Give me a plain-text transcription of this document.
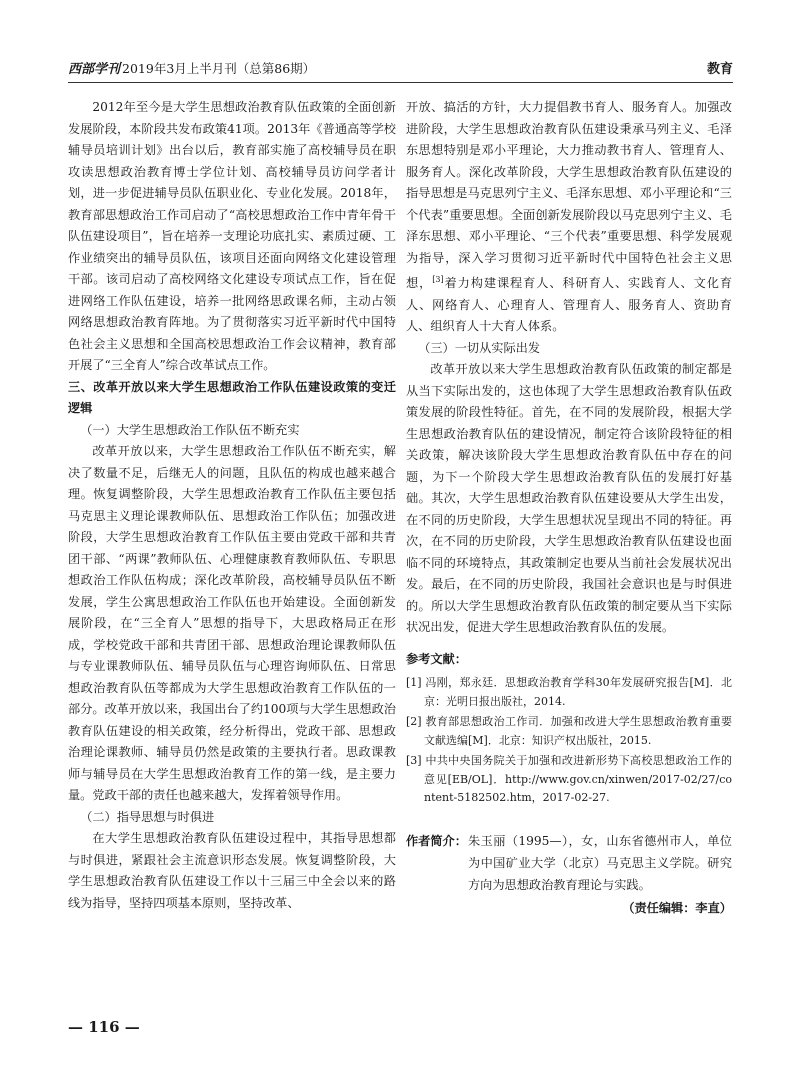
西部学刊 2019年3月上半月刊（总第86期）	教育

2012年至今是大学生思想政治教育队伍政策的全面创新发展阶段，本阶段共发布政策41项。2013年《普通高等学校辅导员培训计划》出台以后，教育部实施了高校辅导员在职攻读思想政治教育博士学位计划、高校辅导员访问学者计划，进一步促进辅导员队伍职业化、专业化发展。2018年，教育部思想政治工作司启动了“高校思想政治工作中青年骨干队伍建设项目”，旨在培养一支理论功底扎实、素质过硬、工作业绩突出的辅导员队伍，该项目还面向网络文化建设管理干部。该司启动了高校网络文化建设专项试点工作，旨在促进网络工作队伍建设，培养一批网络思政课名师，主动占领网络思想政治教育阵地。为了贯彻落实习近平新时代中国特色社会主义思想和全国高校思想政治工作会议精神，教育部开展了“三全育人”综合改革试点工作。

三、改革开放以来大学生思想政治工作队伍建设政策的变迁逻辑
（一）大学生思想政治工作队伍不断充实

改革开放以来，大学生思想政治工作队伍不断充实，解决了数量不足，后继无人的问题，且队伍的构成也越来越合理。恢复调整阶段，大学生思想政治教育工作队伍主要包括马克思主义理论课教师队伍、思想政治工作队伍；加强改进阶段，大学生思想政治教育工作队伍主要由党政干部和共青团干部、“两课”教师队伍、心理健康教育教师队伍、专职思想政治工作队伍构成；深化改革阶段，高校辅导员队伍不断发展，学生公寓思想政治工作队伍也开始建设。全面创新发展阶段，在“三全育人”思想的指导下，大思政格局正在形成，学校党政干部和共青团干部、思想政治理论课教师队伍与专业课教师队伍、辅导员队伍与心理咨询师队伍、日常思想政治教育队伍等都成为大学生思想政治教育工作队伍的一部分。改革开放以来，我国出台了约100项与大学生思想政治教育队伍建设的相关政策，经分析得出，党政干部、思想政治理论课教师、辅导员仍然是政策的主要执行者。思政课教师与辅导员在大学生思想政治教育工作的第一线，是主要力量。党政干部的责任也越来越大，发挥着领导作用。

（二）指导思想与时俱进

在大学生思想政治教育队伍建设过程中，其指导思想都与时俱进，紧跟社会主流意识形态发展。恢复调整阶段，大学生思想政治教育队伍建设工作以十三届三中全会以来的路线为指导，坚持四项基本原则，坚持改革、

开放、搞活的方针，大力提倡教书育人、服务育人。加强改进阶段，大学生思想政治教育队伍建设秉承马列主义、毛泽东思想特别是邓小平理论，大力推动教书育人、管理育人、服务育人。深化改革阶段，大学生思想政治教育队伍建设的指导思想是马克思列宁主义、毛泽东思想、邓小平理论和“三个代表”重要思想。全面创新发展阶段以马克思列宁主义、毛泽东思想、邓小平理论、“三个代表”重要思想、科学发展观为指导，深入学习贯彻习近平新时代中国特色社会主义思想，[3]着力构建课程育人、科研育人、实践育人、文化育人、网络育人、心理育人、管理育人、服务育人、资助育人、组织育人十大育人体系。

（三）一切从实际出发

改革开放以来大学生思想政治教育队伍政策的制定都是从当下实际出发的，这也体现了大学生思想政治教育队伍政策发展的阶段性特征。首先，在不同的发展阶段，根据大学生思想政治教育队伍的建设情况，制定符合该阶段特征的相关政策，解决该阶段大学生思想政治教育队伍中存在的问题，为下一个阶段大学生思想政治教育队伍的发展打好基础。其次，大学生思想政治教育队伍建设要从大学生出发，在不同的历史阶段，大学生思想状况呈现出不同的特征。再次，在不同的历史阶段，大学生思想政治教育队伍建设也面临不同的环境特点，其政策制定也要从当前社会发展状况出发。最后，在不同的历史阶段，我国社会意识也是与时俱进的。所以大学生思想政治教育队伍政策的制定要从当下实际状况出发，促进大学生思想政治教育队伍的发展。

参考文献：
[1] 冯刚，郑永廷．思想政治教育学科30年发展研究报告[M]．北京：光明日报出版社，2014.
[2] 教育部思想政治工作司．加强和改进大学生思想政治教育重要文献选编[M]．北京：知识产权出版社，2015.
[3] 中共中央国务院关于加强和改进新形势下高校思想政治工作的意见[EB/OL]．http://www.gov.cn/xinwen/2017-02/27/content-5182502.htm，2017-02-27.
作者简介： 朱玉丽（1995—），女，山东省德州市人，单位为中国矿业大学（北京）马克思主义学院。研究方向为思想政治教育理论与实践。
（责任编辑：李直）
— 116 —
